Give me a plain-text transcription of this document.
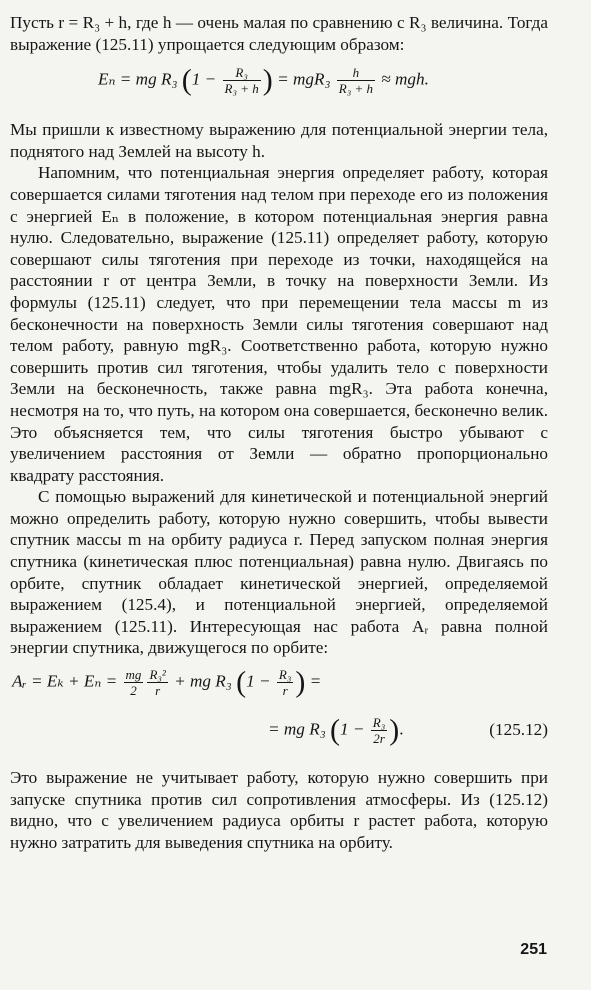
Пусть r = R₃ + h, где h — очень малая по сравнению с R₃ величина. Тогда выражение (125.11) упрощается следующим образом:

Eₙ = mg R₃ ($1 - \frac{\text{R₃}}{\text{R₃ + h}}$ ) = $mgR_3 \frac{h}{\text{R₃ + h}}$ ≈ mgh.

Мы пришли к известному выражению для потенциальной энергии тела, поднятого над Землей на высоту h.

Напомним, что потенциальная энергия определяет работу, которая совершается силами тяготения над телом при переходе его из положения с энергией Eₙ в положение, в котором потенциальная энергия равна нулю. Следовательно, выражение (125.11) определяет работу, которую совершают силы тяготения при переходе из точки, находящейся на расстоянии r от центра Земли, в точку на поверхности Земли. Из формулы (125.11) следует, что при перемещении тела массы m из бесконечности на поверхность Земли силы тяготения совершают над телом работу, равную mgR₃. Соответственно работа, которую нужно совершить против сил тяготения, чтобы удалить тело с поверхности Земли на бесконечность, также равна mgR₃. Эта работа конечна, несмотря на то, что путь, на котором она совершается, бесконечно велик. Это объясняется тем, что силы тяготения быстро убывают с увеличением расстояния от Земли — обратно пропорционально квадрату расстояния.

С помощью выражений для кинетической и потенциальной энергий можно определить работу, которую нужно совершить, чтобы вывести спутник массы m на орбиту радиуса r. Перед запуском полная энергия спутника (кинетическая плюс потенциальная) равна нулю. Двигаясь по орбите, спутник обладает кинетической энергией, определяемой выражением (125.4), и потенциальной энергией, определяемой выражением (125.11). Интересующая нас работа Aᵣ равна полной энергии спутника, движущегося по орбите:

Aᵣ = $E_k + E_n = \frac{mg}{2} \frac{\text{R₃²}}{r}$ + mg R₃ ($1 - \frac{\text{R₃}}{r}$ ) =
= mg R₃ ($1 - \frac{\text{R₃}}{2r}$ ).	(125.12)

Это выражение не учитывает работу, которую нужно совершить при запуске спутника против сил сопротивления атмосферы. Из (125.12) видно, что с увеличением радиуса орбиты r растет работа, которую нужно затратить для выведения спутника на орбиту.

251
